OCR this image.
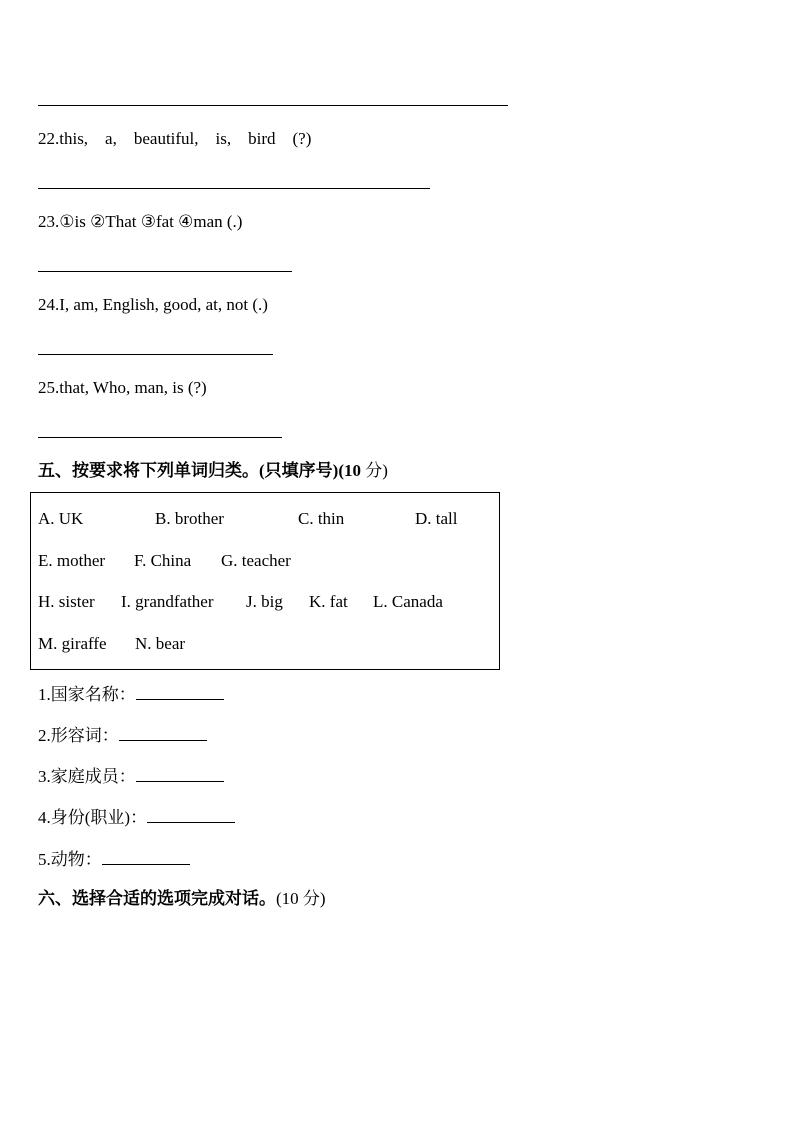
22.this,    a,    beautiful,    is,    bird    (?)
23.①is ②That ③fat ④man (.)
24.I, am, English, good, at, not (.)
25.that, Who, man, is (?)
五、按要求将下列单词归类。(只填序号)(10 分)
A. UK	B. brother	C. thin	D. tall
E. mother F. China G. teacher
H. sister I. grandfather J. big K. fat L. Canada
M. giraffe N. bear
1.国家名称：
2.形容词：
3.家庭成员：
4.身份(职业)：
5.动物：
六、选择合适的选项完成对话。(10 分)
